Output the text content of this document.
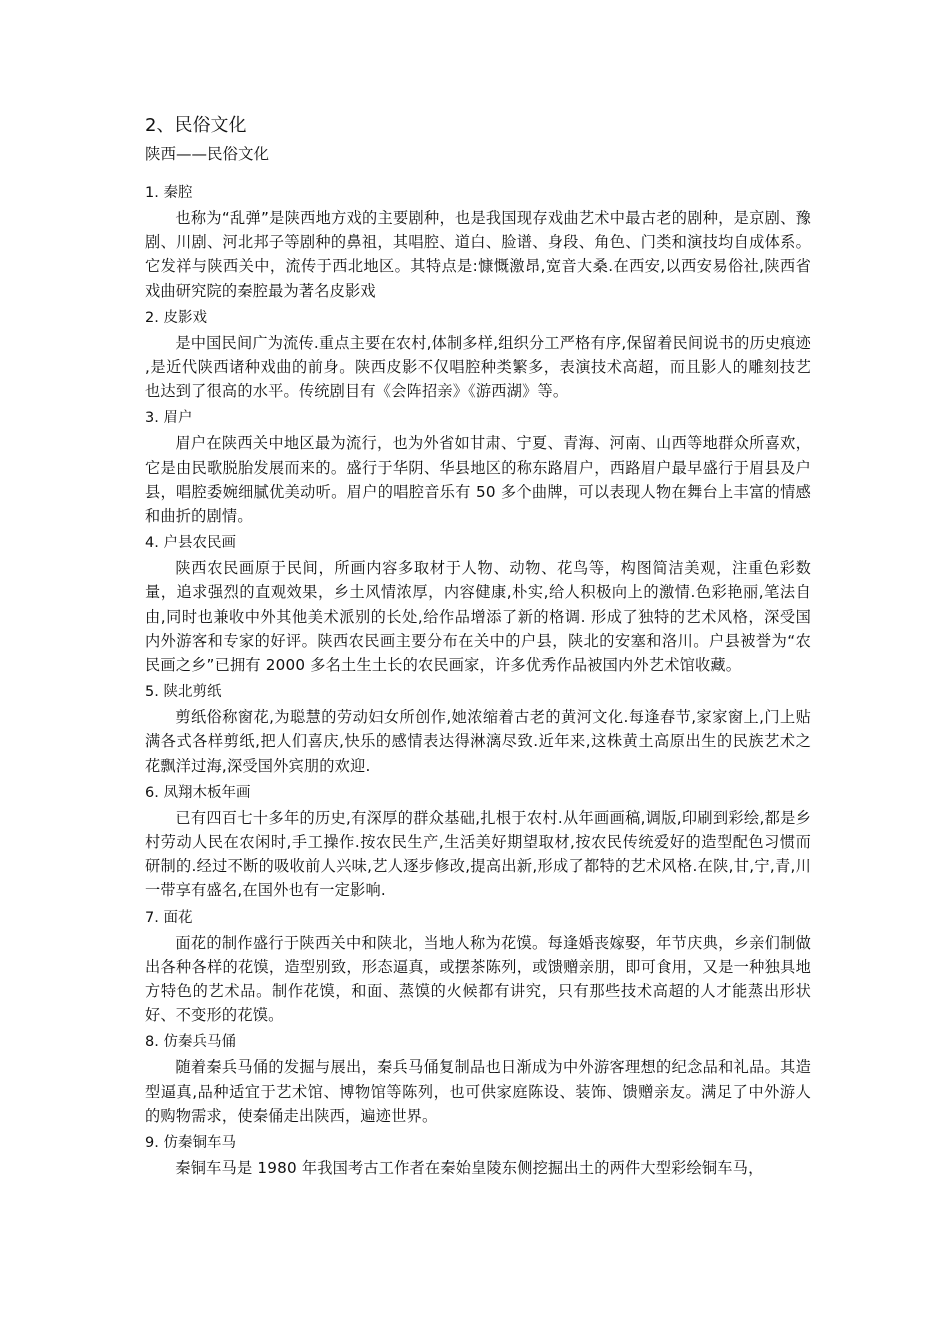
2、民俗文化

陕西——民俗文化

1. 秦腔

也称为“乱弹”是陕西地方戏的主要剧种，也是我国现存戏曲艺术中最古老的剧种，是京剧、豫剧、川剧、河北邦子等剧种的鼻祖，其唱腔、道白、脸谱、身段、角色、门类和演技均自成体系。它发祥与陕西关中，流传于西北地区。其特点是:慷慨激昂,宽音大桑.在西安,以西安易俗社,陕西省戏曲研究院的秦腔最为著名皮影戏

2. 皮影戏

是中国民间广为流传.重点主要在农村,体制多样,组织分工严格有序,保留着民间说书的历史痕迹 ,是近代陕西诸种戏曲的前身。陕西皮影不仅唱腔种类繁多，表演技术高超，而且影人的雕刻技艺也达到了很高的水平。传统剧目有《会阵招亲》《游西湖》等。

3. 眉户

眉户在陕西关中地区最为流行，也为外省如甘肃、宁夏、青海、河南、山西等地群众所喜欢，它是由民歌脱胎发展而来的。盛行于华阴、华县地区的称东路眉户，西路眉户最早盛行于眉县及户县，唱腔委婉细腻优美动听。眉户的唱腔音乐有 50 多个曲牌，可以表现人物在舞台上丰富的情感和曲折的剧情。

4. 户县农民画

陕西农民画原于民间，所画内容多取材于人物、动物、花鸟等，构图简洁美观，注重色彩数量，追求强烈的直观效果，乡土风情浓厚，内容健康,朴实,给人积极向上的激情.色彩艳丽,笔法自由,同时也兼收中外其他美术派别的长处,给作品增添了新的格调. 形成了独特的艺术风格，深受国内外游客和专家的好评。陕西农民画主要分布在关中的户县，陕北的安塞和洛川。户县被誉为“农民画之乡”已拥有 2000 多名土生土长的农民画家，许多优秀作品被国内外艺术馆收藏。

5. 陕北剪纸

剪纸俗称窗花,为聪慧的劳动妇女所创作,她浓缩着古老的黄河文化.每逢春节,家家窗上,门上贴满各式各样剪纸,把人们喜庆,快乐的感情表达得淋漓尽致.近年来,这株黄土高原出生的民族艺术之花飘洋过海,深受国外宾朋的欢迎.

6. 凤翔木板年画

已有四百七十多年的历史,有深厚的群众基础,扎根于农村.从年画画稿,调版,印刷到彩绘,都是乡村劳动人民在农闲时,手工操作.按农民生产,生活美好期望取材,按农民传统爱好的造型配色习惯而研制的.经过不断的吸收前人兴味,艺人逐步修改,提高出新,形成了都特的艺术风格.在陕,甘,宁,青,川一带享有盛名,在国外也有一定影响.

7. 面花

面花的制作盛行于陕西关中和陕北，当地人称为花馍。每逢婚丧嫁娶，年节庆典，乡亲们制做出各种各样的花馍，造型别致，形态逼真，或摆茶陈列，或馈赠亲朋，即可食用，又是一种独具地方特色的艺术品。制作花馍，和面、蒸馍的火候都有讲究，只有那些技术高超的人才能蒸出形状好、不变形的花馍。

8. 仿秦兵马俑

随着秦兵马俑的发掘与展出，秦兵马俑复制品也日渐成为中外游客理想的纪念品和礼品。其造型逼真,品种适宜于艺术馆、博物馆等陈列，也可供家庭陈设、装饰、馈赠亲友。满足了中外游人的购物需求，使秦俑走出陕西，遍迹世界。

9. 仿秦铜车马

秦铜车马是 1980 年我国考古工作者在秦始皇陵东侧挖掘出土的两件大型彩绘铜车马，
